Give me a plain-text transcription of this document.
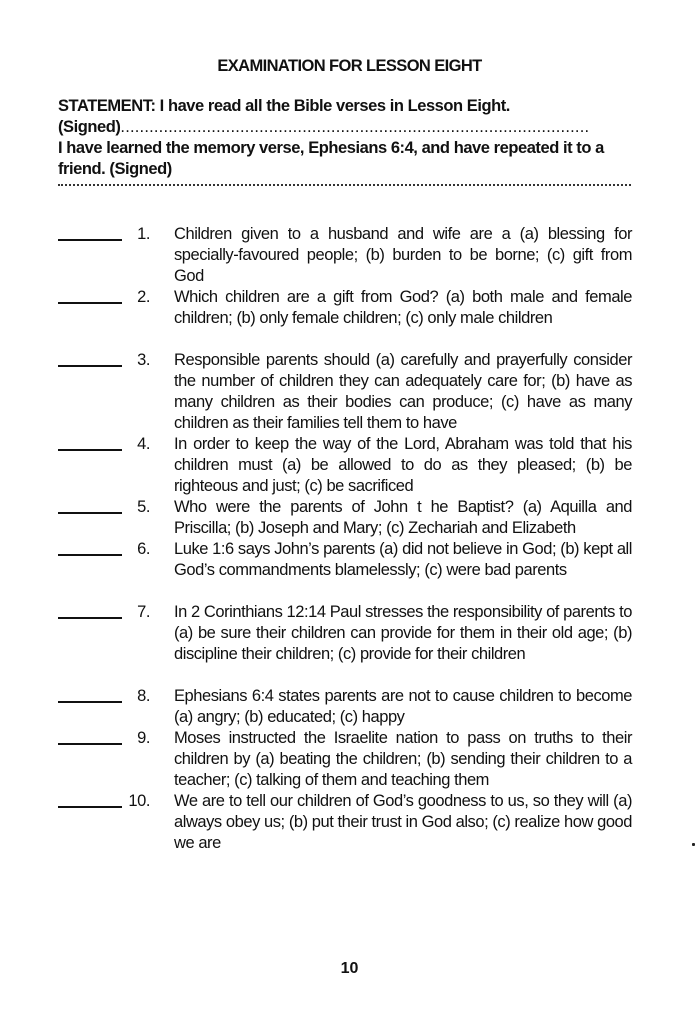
EXAMINATION FOR LESSON EIGHT
STATEMENT: I have read all the Bible verses in Lesson Eight.
(Signed)..................................................................................................
I have learned the memory verse, Ephesians 6:4, and have repeated it to a
friend. (Signed)
1. Children given to a husband and wife are a (a) blessing for specially-favoured people; (b) burden to be borne; (c) gift from God
2. Which children are a gift from God? (a) both male and female children; (b) only female children; (c) only male children
3. Responsible parents should (a) carefully and prayerfully consider the number of children they can adequately care for; (b) have as many children as their bodies can produce; (c) have as many children as their families tell them to have
4. In order to keep the way of the Lord, Abraham was told that his children must (a) be allowed to do as they pleased; (b) be righteous and just; (c) be sacrificed
5. Who were the parents of John t he Baptist? (a) Aquilla and Priscilla; (b) Joseph and Mary; (c) Zechariah and Elizabeth
6. Luke 1:6 says John’s parents (a) did not believe in God; (b) kept all God’s commandments blamelessly; (c) were bad parents
7. In 2 Corinthians 12:14 Paul stresses the responsibility of parents to (a) be sure their children can provide for them in their old age; (b) discipline their children; (c) provide for their children
8. Ephesians 6:4 states parents are not to cause children to become (a) angry; (b) educated; (c) happy
9. Moses instructed the Israelite nation to pass on truths to their children by (a) beating the children; (b) sending their children to a teacher; (c) talking of them and teaching them
10. We are to tell our children of God’s goodness to us, so they will (a) always obey us; (b) put their trust in God also; (c) realize how good we are
10
